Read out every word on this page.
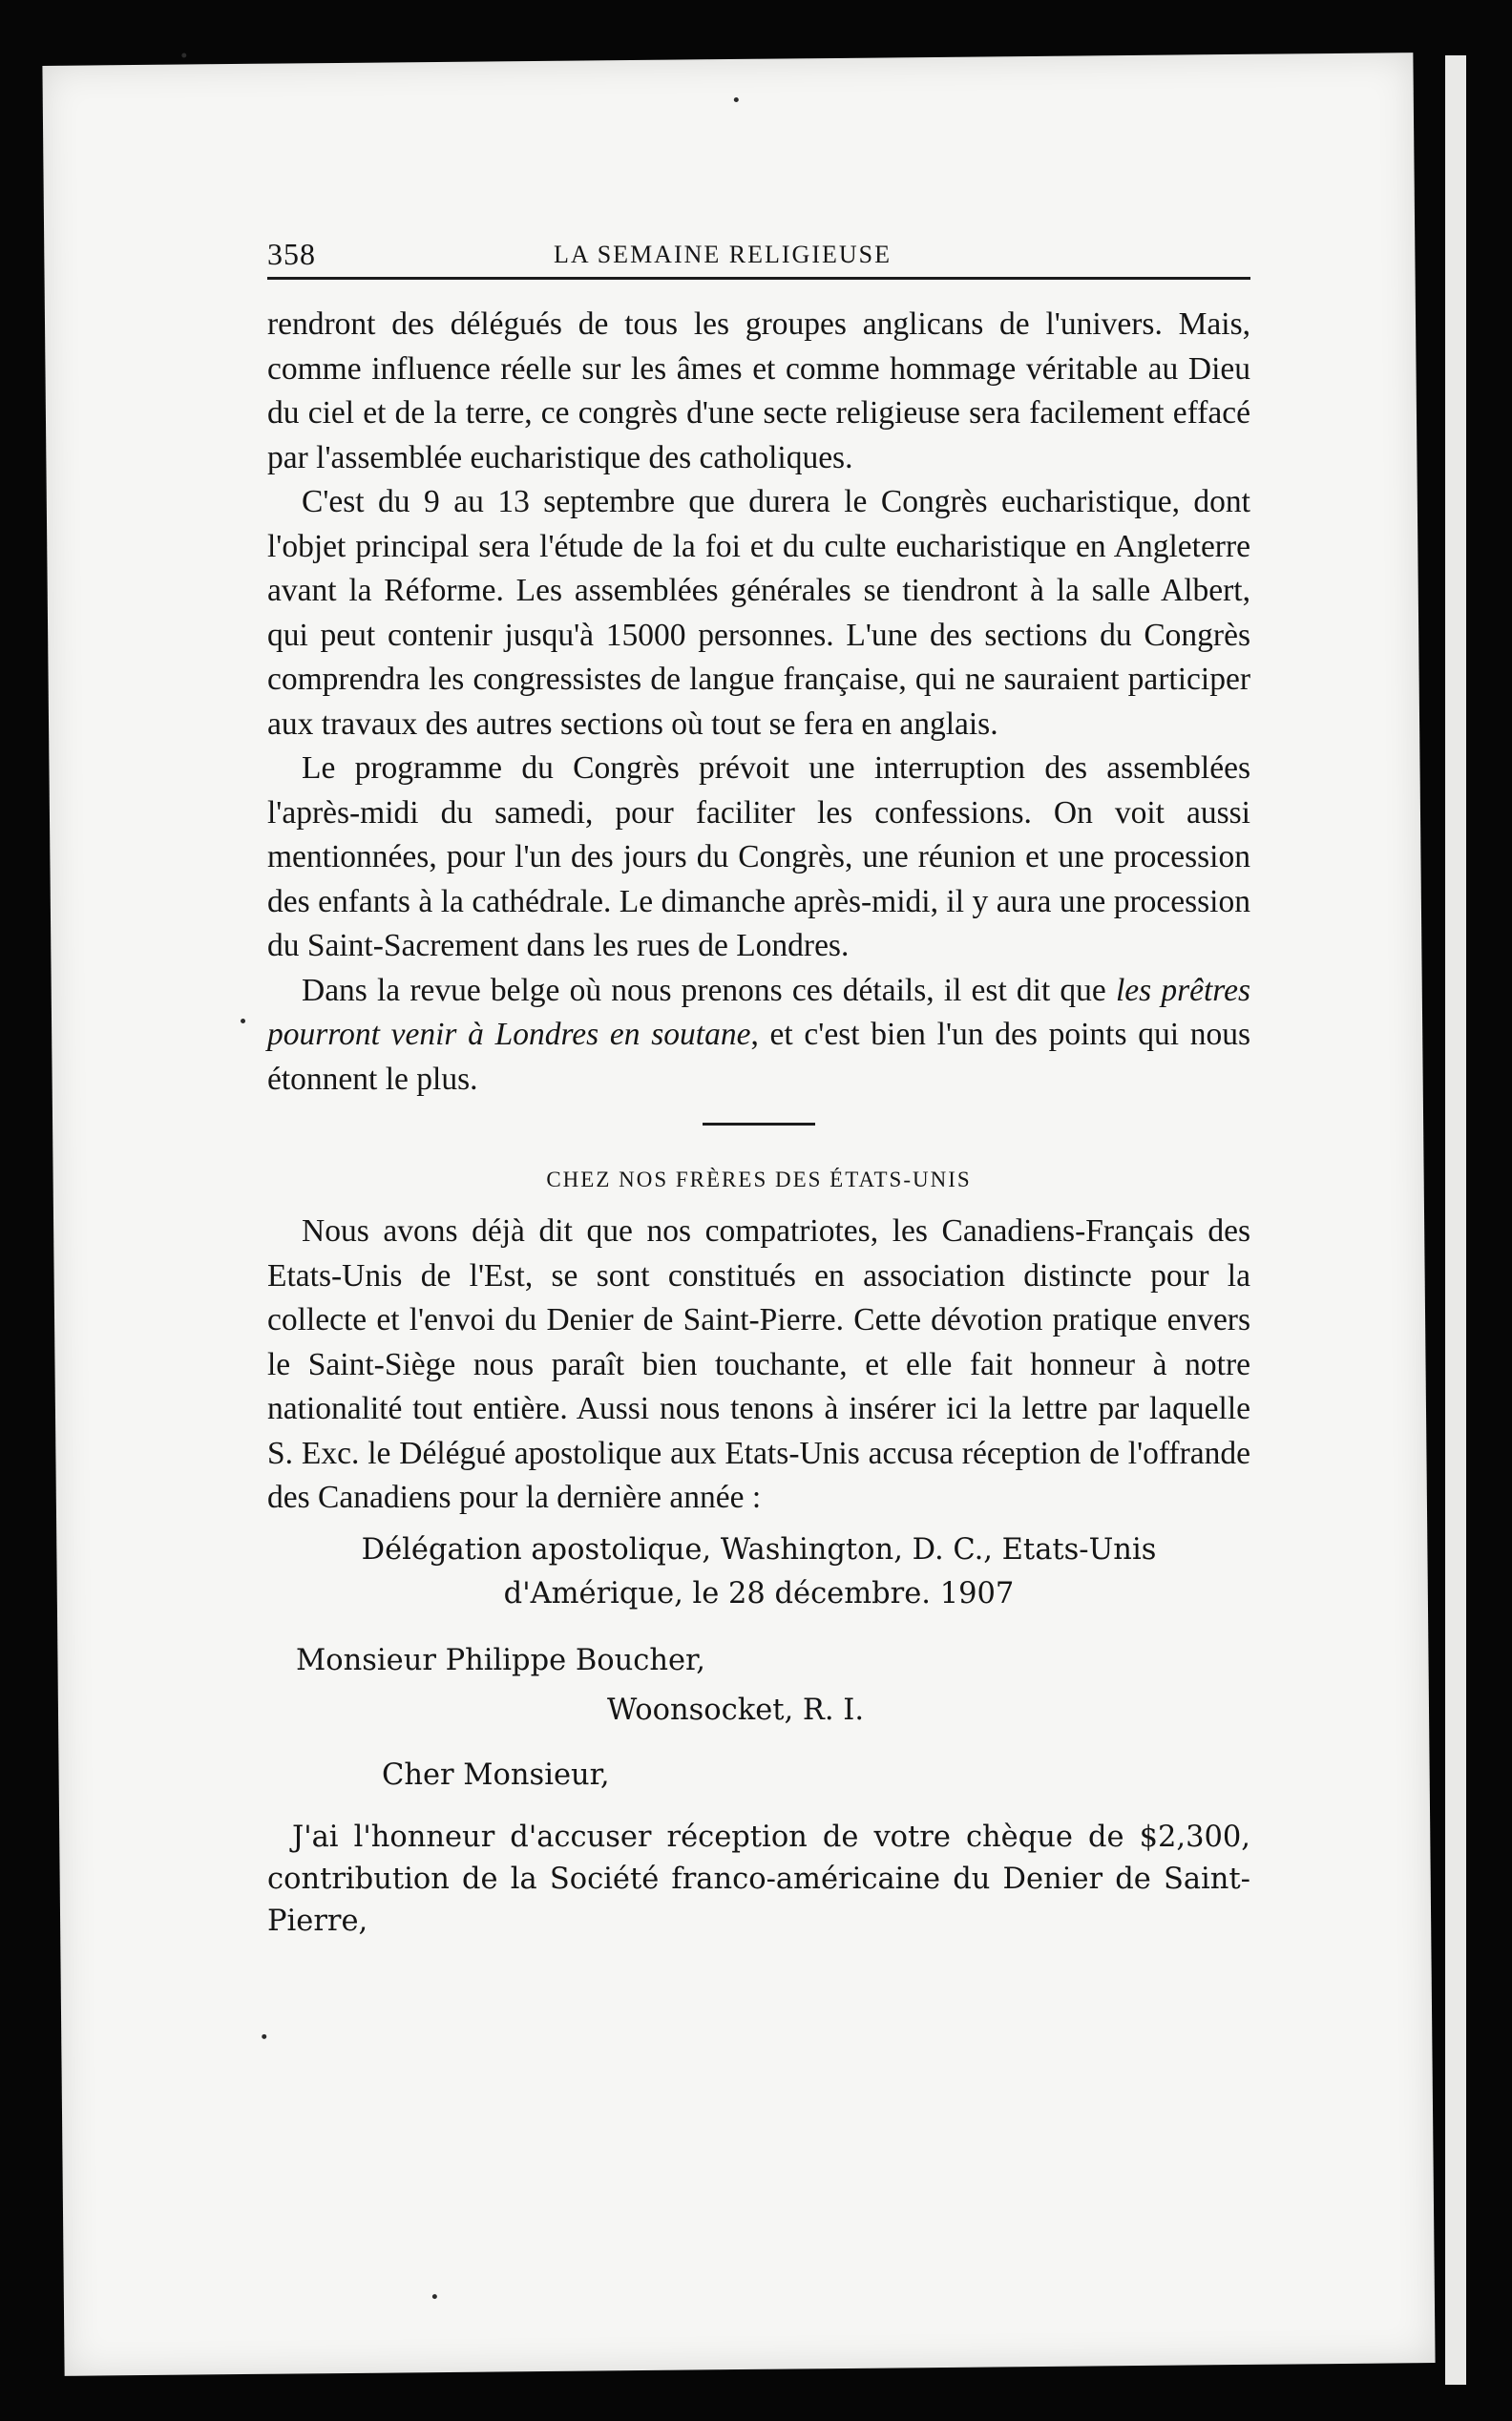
358	LA SEMAINE RELIGIEUSE

rendront des délégués de tous les groupes anglicans de l'univers. Mais, comme influence réelle sur les âmes et comme hommage véritable au Dieu du ciel et de la terre, ce congrès d'une secte religieuse sera facilement effacé par l'assemblée eucharistique des catholiques.

C'est du 9 au 13 septembre que durera le Congrès eucharistique, dont l'objet principal sera l'étude de la foi et du culte eucharistique en Angleterre avant la Réforme. Les assemblées générales se tiendront à la salle Albert, qui peut contenir jusqu'à 15000 personnes. L'une des sections du Congrès comprendra les congressistes de langue française, qui ne sauraient participer aux travaux des autres sections où tout se fera en anglais.

Le programme du Congrès prévoit une interruption des assemblées l'après-midi du samedi, pour faciliter les confessions. On voit aussi mentionnées, pour l'un des jours du Congrès, une réunion et une procession des enfants à la cathédrale. Le dimanche après-midi, il y aura une procession du Saint-Sacrement dans les rues de Londres.

Dans la revue belge où nous prenons ces détails, il est dit que les prêtres pourront venir à Londres en soutane, et c'est bien l'un des points qui nous étonnent le plus.

CHEZ NOS FRÈRES DES ÉTATS-UNIS

Nous avons déjà dit que nos compatriotes, les Canadiens-Français des Etats-Unis de l'Est, se sont constitués en association distincte pour la collecte et l'envoi du Denier de Saint-Pierre. Cette dévotion pratique envers le Saint-Siège nous paraît bien touchante, et elle fait honneur à notre nationalité tout entière. Aussi nous tenons à insérer ici la lettre par laquelle S. Exc. le Délégué apostolique aux Etats-Unis accusa réception de l'offrande des Canadiens pour la dernière année :

Délégation apostolique, Washington, D. C., Etats-Unis

d'Amérique, le 28 décembre. 1907

Monsieur Philippe Boucher,

Woonsocket, R. I.

Cher Monsieur,

J'ai l'honneur d'accuser réception de votre chèque de $2,300, contribution de la Société franco-américaine du Denier de Saint-Pierre,
